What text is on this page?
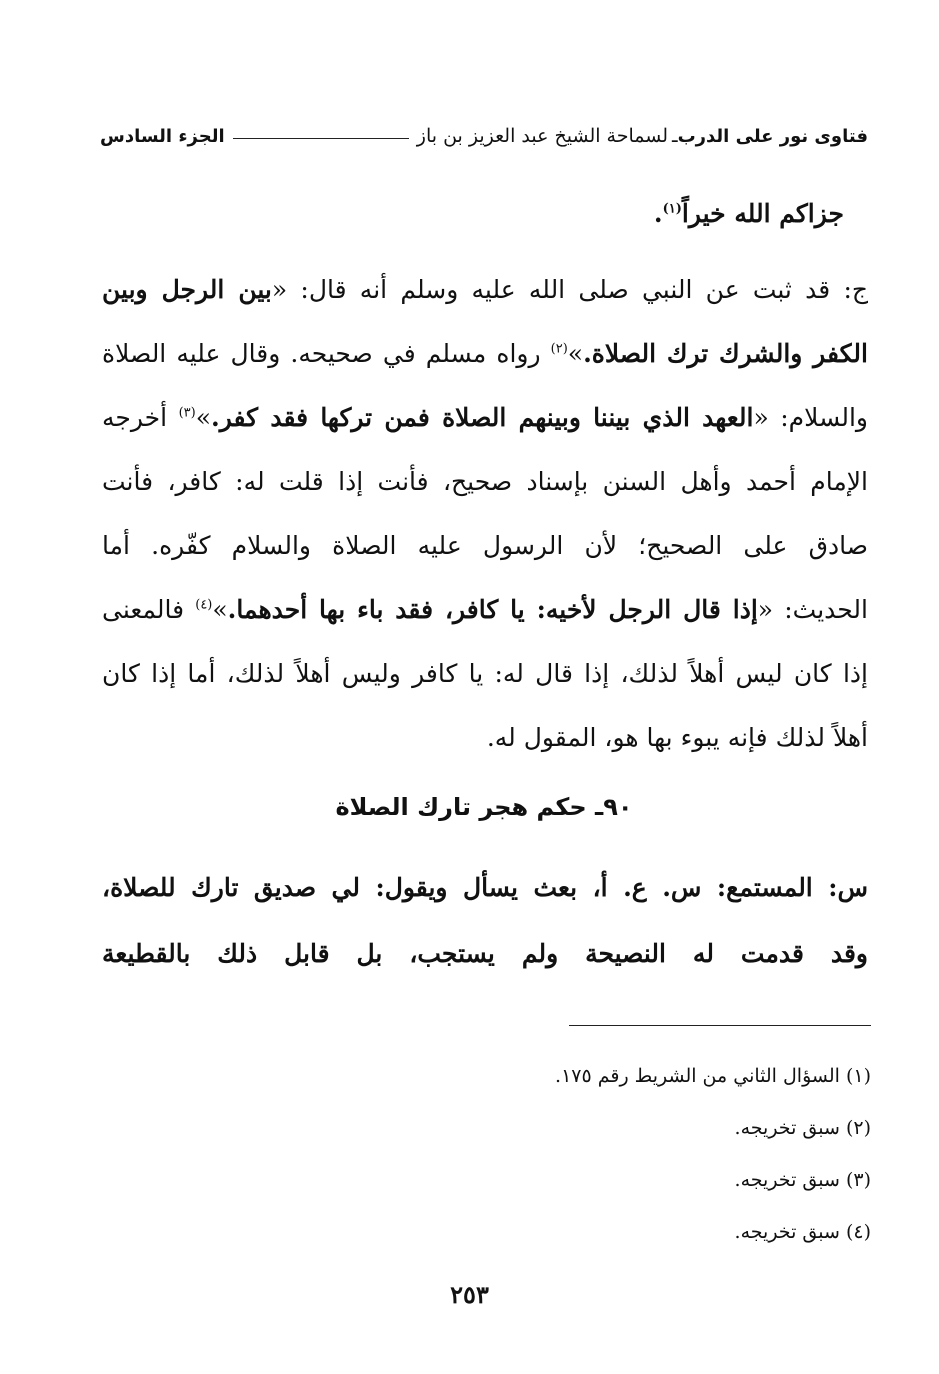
فتاوى نور على الدرب
ـ
لسماحة الشيخ عبد العزيز بن باز
الجزء السادس
جزاكم الله خيراً$^{(١)}$.
ج: قد ثبت عن النبي صلى الله عليه وسلم أنه قال: «بين الرجل وبين
الكفر والشرك ترك الصلاة.»$^{(٢)}$ رواه مسلم في صحيحه. وقال عليه الصلاة
والسلام: «العهد الذي بيننا وبينهم الصلاة فمن تركها فقد كفر.»$^{(٣)}$ أخرجه
الإمام أحمد وأهل السنن بإسناد صحيح، فأنت إذا قلت له: كافر، فأنت
صادق على الصحيح؛ لأن الرسول عليه الصلاة والسلام كفّره. أما
الحديث: «إذا قال الرجل لأخيه: يا كافر، فقد باء بها أحدهما.»$^{(٤)}$ فالمعنى
إذا كان ليس أهلاً لذلك، إذا قال له: يا كافر وليس أهلاً لذلك، أما إذا كان
أهلاً لذلك فإنه يبوء بها هو، المقول له.
٩٠ـ حكم هجر تارك الصلاة
س: المستمع: س. ع. أ، بعث يسأل ويقول: لي صديق تارك للصلاة،
وقد قدمت له النصيحة ولم يستجب، بل قابل ذلك بالقطيعة
(١) السؤال الثاني من الشريط رقم ١٧٥.
(٢) سبق تخريجه.
(٣) سبق تخريجه.
(٤) سبق تخريجه.
٢٥٣
